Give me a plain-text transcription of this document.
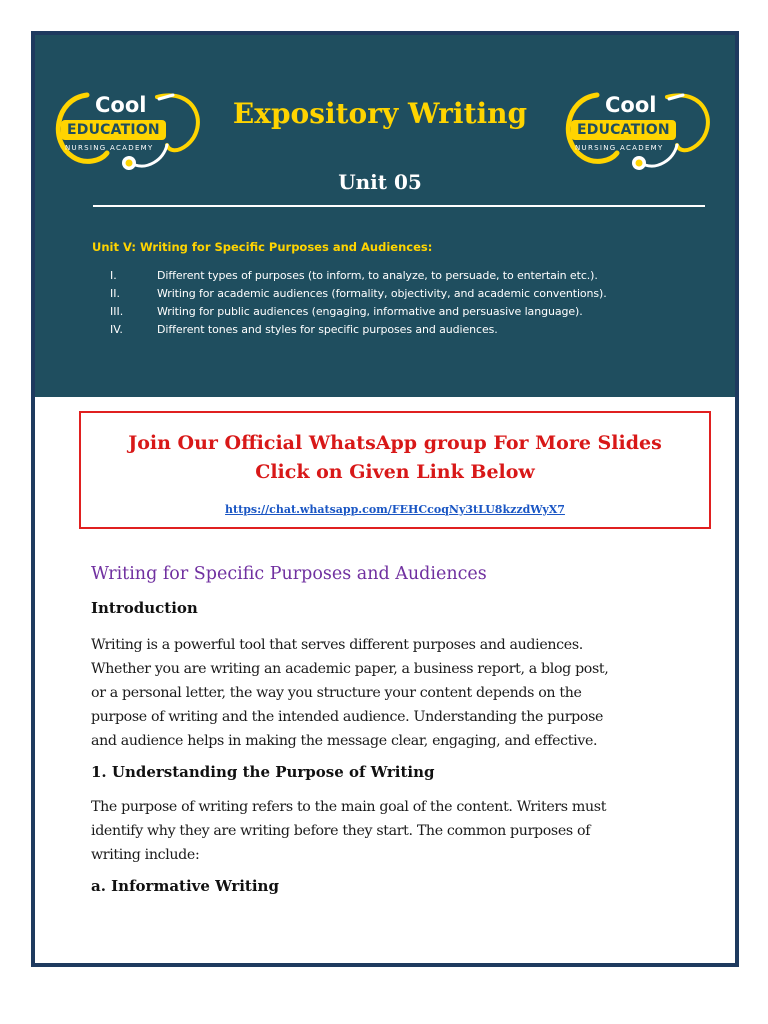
Cool
EDUCATION
NURSING ACADEMY
Expository Writing	Cool
EDUCATION
NURSING ACADEMY
Unit 05
Unit V: Writing for Specific Purposes and Audiences:
I.	Different types of purposes (to inform, to analyze, to persuade, to entertain etc.).
II.	Writing for academic audiences (formality, objectivity, and academic conventions).
III.	Writing for public audiences (engaging, informative and persuasive language).
IV.	Different tones and styles for specific purposes and audiences.
Join Our Official WhatsApp group For More Slides
Click on Given Link Below
https://chat.whatsapp.com/FEHCcoqNy3tLU8kzzdWyX7
Writing for Specific Purposes and Audiences
Introduction
Writing is a powerful tool that serves different purposes and audiences.
Whether you are writing an academic paper, a business report, a blog post,
or a personal letter, the way you structure your content depends on the
purpose of writing and the intended audience. Understanding the purpose
and audience helps in making the message clear, engaging, and effective.
1. Understanding the Purpose of Writing
The purpose of writing refers to the main goal of the content. Writers must
identify why they are writing before they start. The common purposes of
writing include:
a. Informative Writing
